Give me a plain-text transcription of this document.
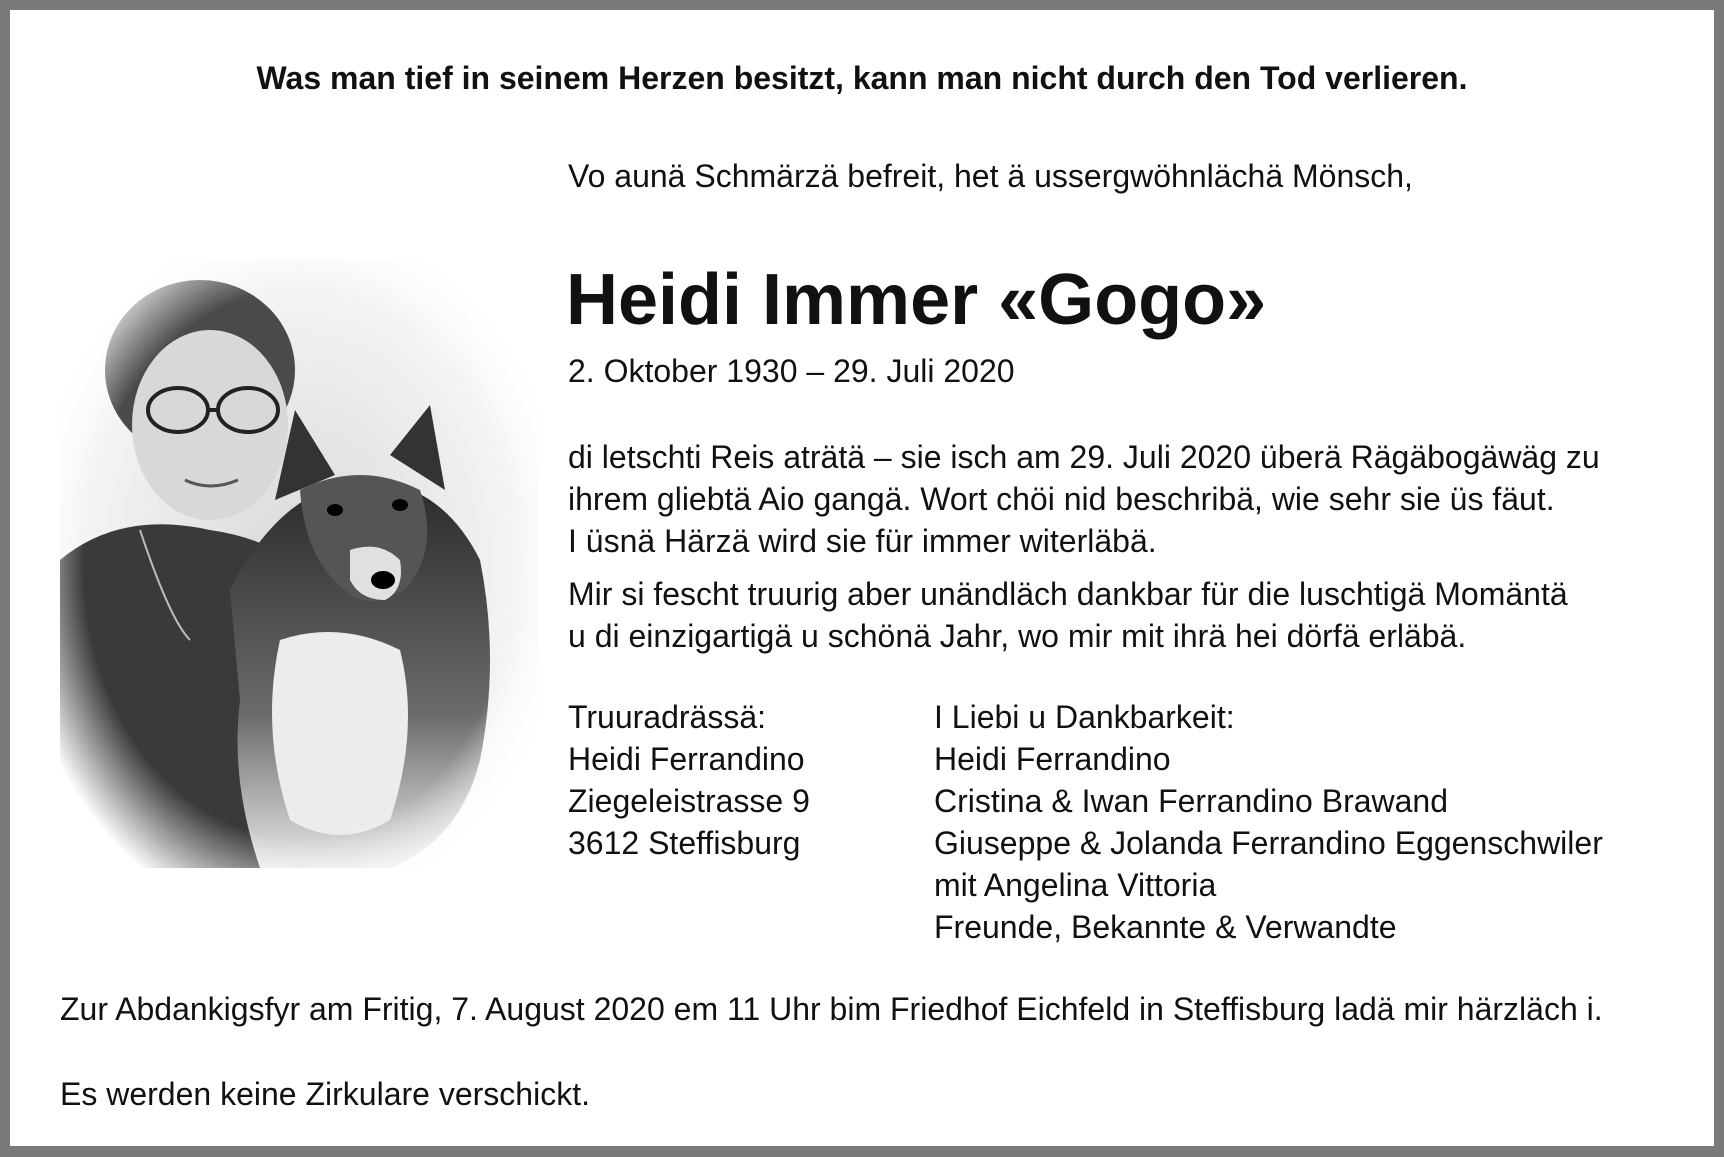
Was man tief in seinem Herzen besitzt, kann man nicht durch den Tod verlieren.
Vo aunä Schmärzä befreit, het ä ussergwöhnlächä Mönsch,
Heidi Immer «Gogo»
2. Oktober 1930 – 29. Juli 2020
di letschti Reis aträtä – sie isch am 29. Juli 2020 überä Rägäbogäwäg zu
ihrem gliebtä Aio gangä. Wort chöi nid beschribä, wie sehr sie üs fäut.
I üsnä Härzä wird sie für immer witerläbä.
Mir si fescht truurig aber unändläch dankbar für die luschtigä Momäntä
u di einzigartigä u schönä Jahr, wo mir mit ihrä hei dörfä erläbä.
Truuradrässä:
Heidi Ferrandino
Ziegeleistrasse 9
3612 Steffisburg
I Liebi u Dankbarkeit:
Heidi Ferrandino
Cristina & Iwan Ferrandino Brawand
Giuseppe & Jolanda Ferrandino Eggenschwiler
mit Angelina Vittoria
Freunde, Bekannte & Verwandte
Zur Abdankigsfyr am Fritig, 7. August 2020 em 11 Uhr bim Friedhof Eichfeld in Steffisburg ladä mir härzläch i.
Es werden keine Zirkulare verschickt.
